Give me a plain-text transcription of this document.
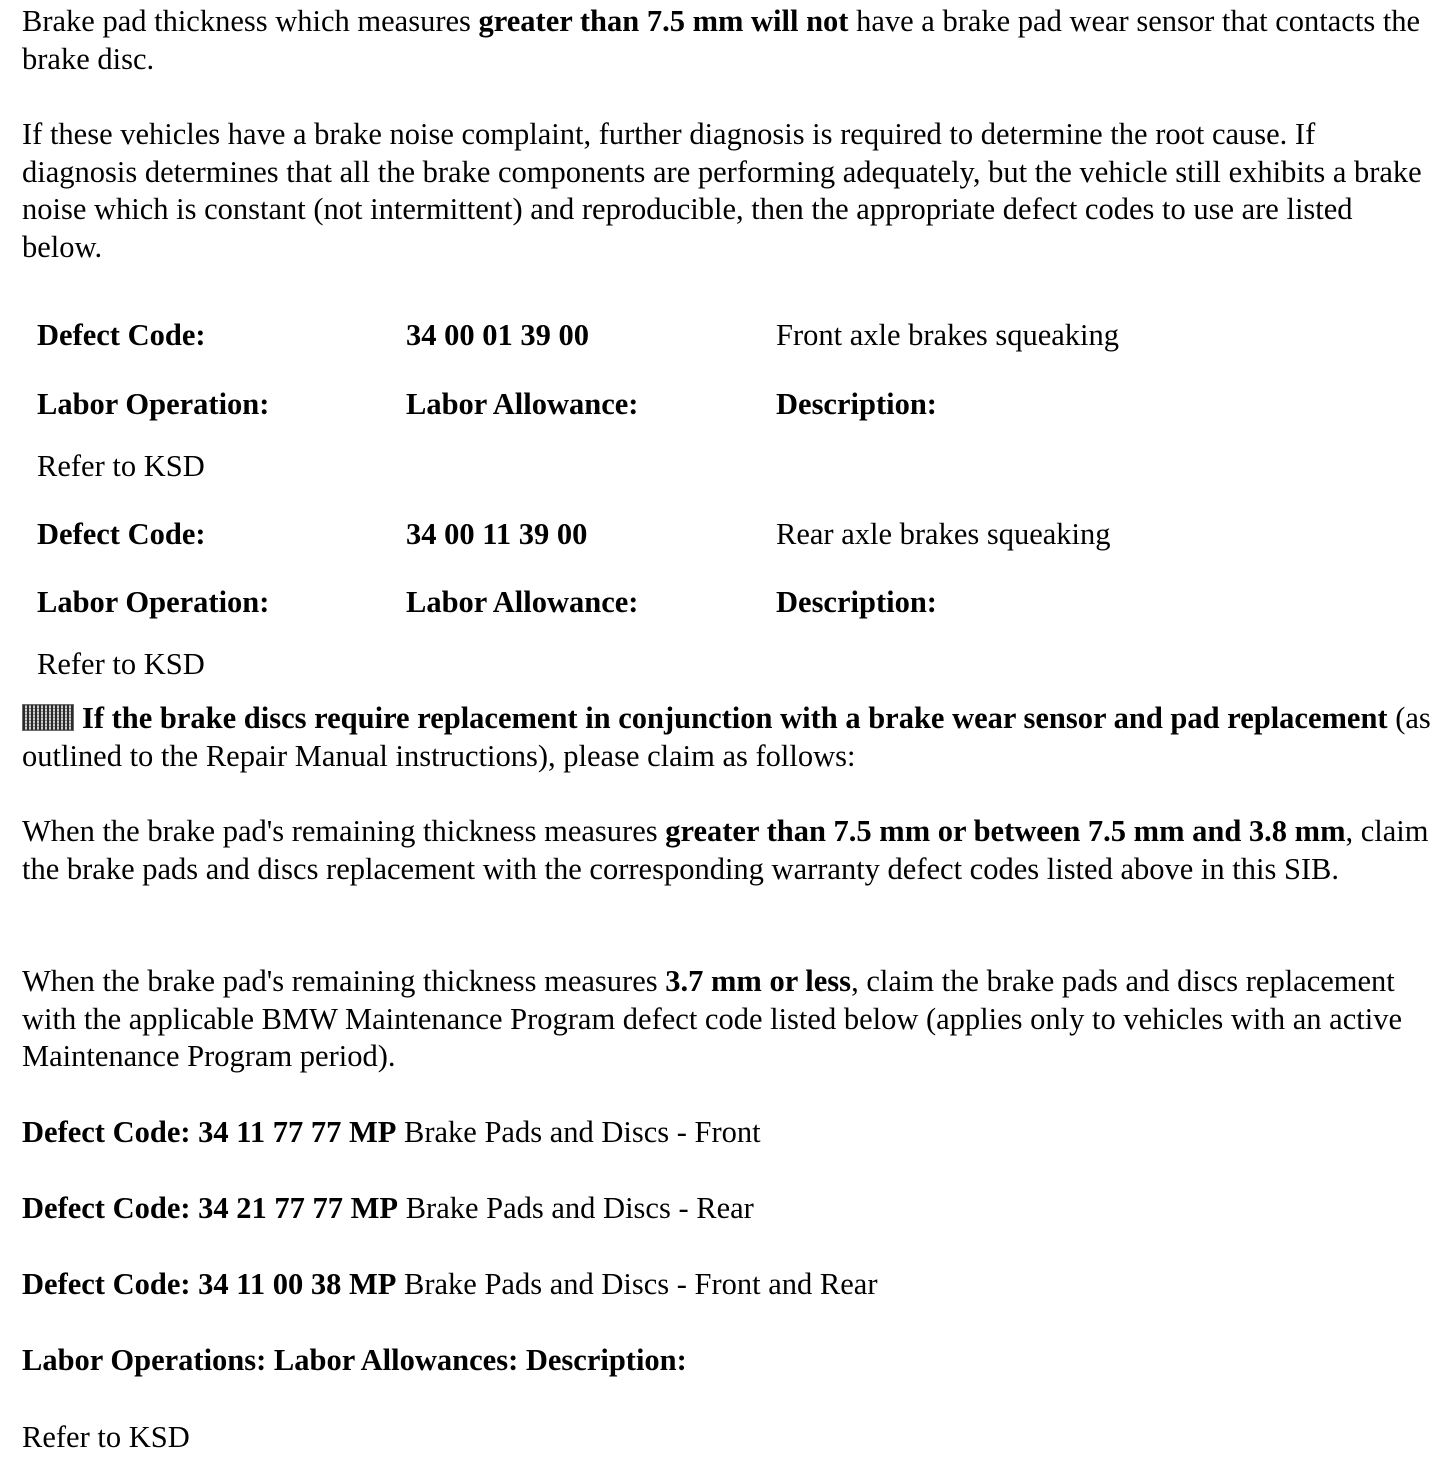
Brake pad thickness which measures greater than 7.5 mm will not have a brake pad wear sensor that contacts the brake disc.

If these vehicles have a brake noise complaint, further diagnosis is required to determine the root cause. If diagnosis determines that all the brake components are performing adequately, but the vehicle still exhibits a brake noise which is constant (not intermittent) and reproducible, then the appropriate defect codes to use are listed below.

Defect Code:	34 00 01 39 00	Front axle brakes squeaking
Labor Operation:	Labor Allowance:	Description:
Refer to KSD
Defect Code:	34 00 11 39 00	Rear axle brakes squeaking
Labor Operation:	Labor Allowance:	Description:
Refer to KSD

If the brake discs require replacement in conjunction with a brake wear sensor and pad replacement (as outlined to the Repair Manual instructions), please claim as follows:

When the brake pad's remaining thickness measures greater than 7.5 mm or between 7.5 mm and 3.8 mm, claim the brake pads and discs replacement with the corresponding warranty defect codes listed above in this SIB.

When the brake pad's remaining thickness measures 3.7 mm or less, claim the brake pads and discs replacement with the applicable BMW Maintenance Program defect code listed below (applies only to vehicles with an active Maintenance Program period).

Defect Code: 34 11 77 77 MP Brake Pads and Discs - Front

Defect Code: 34 21 77 77 MP Brake Pads and Discs - Rear

Defect Code: 34 11 00 38 MP Brake Pads and Discs - Front and Rear

Labor Operations: Labor Allowances: Description:

Refer to KSD
